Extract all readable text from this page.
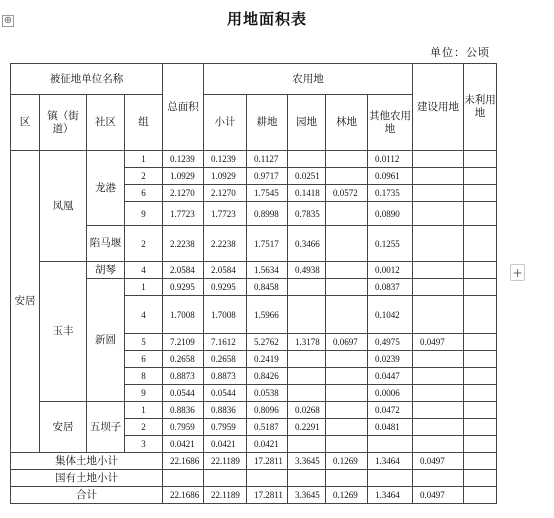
⊕	用地面积表
单位：公顷
被征地单位名称				总面积	农用地					建设用地	未利用地
区	镇（街道）	社区	组		小计	耕地	园地	林地	其他农用地		
安居	凤凰	龙港	1	0.1239	0.1239	0.1127			0.0112		
			2	1.0929	1.0929	0.9717	0.0251		0.0961		
			6	2.1270	2.1270	1.7545	0.1418	0.0572	0.1735		
			9	1.7723	1.7723	0.8998	0.7835		0.0890		
		陷马堰	2	2.2238	2.2238	1.7517	0.3466		0.1255		
	玉丰	胡琴	4	2.0584	2.0584	1.5634	0.4938		0.0012		
		新圆	1	0.9295	0.9295	0.8458			0.0837		
			4	1.7008	1.7008	1.5966			0.1042		
			5	7.2109	7.1612	5.2762	1.3178	0.0697	0.4975	0.0497	
			6	0.2658	0.2658	0.2419			0.0239		
			8	0.8873	0.8873	0.8426			0.0447		
			9	0.0544	0.0544	0.0538			0.0006		
	安居	五坝子	1	0.8836	0.8836	0.8096	0.0268		0.0472		
			2	0.7959	0.7959	0.5187	0.2291		0.0481		
			3	0.0421	0.0421	0.0421					
集体土地小计				22.1686	22.1189	17.2811	3.3645	0.1269	1.3464	0.0497	
国有土地小计											
合计				22.1686	22.1189	17.2811	3.3645	0.1269	1.3464	0.0497	
+
